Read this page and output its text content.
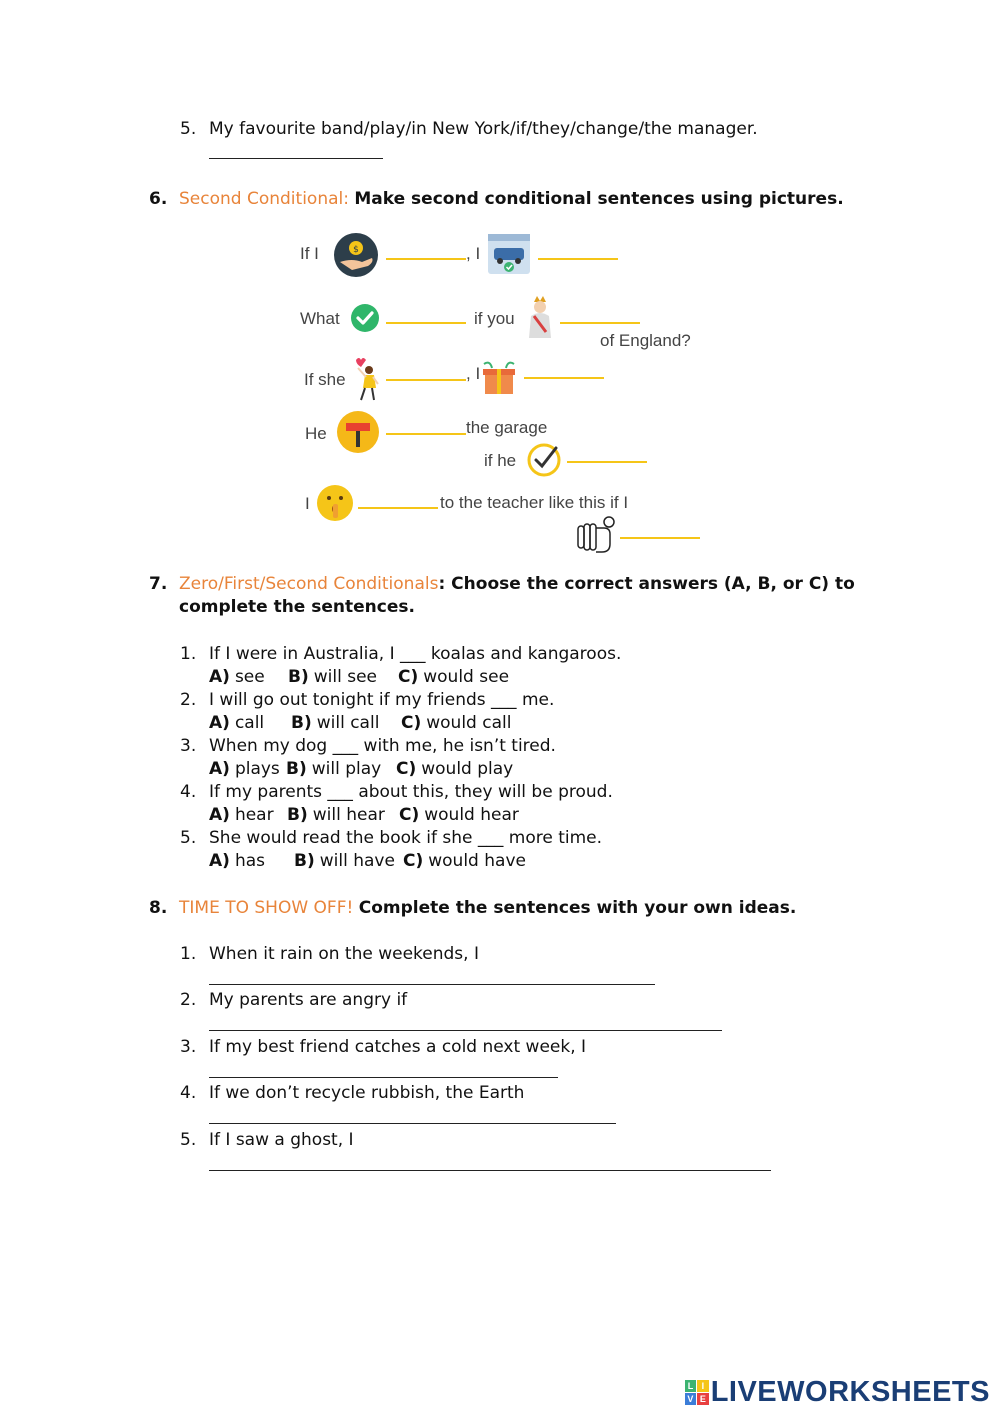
5. My favourite band/play/in New York/if/they/change/the manager.
6. Second Conditional: Make second conditional sentences using pictures.
If I	$	, I
What	if you
of England?
If she	, I
He	the garage
if he
I	to the teacher like this if I
7. Zero/First/Second Conditionals: Choose the correct answers (A, B, or C) to
complete the sentences.
1. If I were in Australia, I ___ koalas and kangaroos.
A) see B) will see C) would see
2. I will go out tonight if my friends ___ me.
A) call B) will call C) would call
3. When my dog ___ with me, he isn’t tired.
A) plays B) will play C) would play
4. If my parents ___ about this, they will be proud.
A) hear B) will hear C) would hear
5. She would read the book if she ___ more time.
A) has B) will have C) would have
8. TIME TO SHOW OFF! Complete the sentences with your own ideas.
1. When it rain on the weekends, I
2. My parents are angry if
3. If my best friend catches a cold next week, I
4. If we don’t recycle rubbish, the Earth
5. If I saw a ghost, I
L I
V E LIVEWORKSHEETS
